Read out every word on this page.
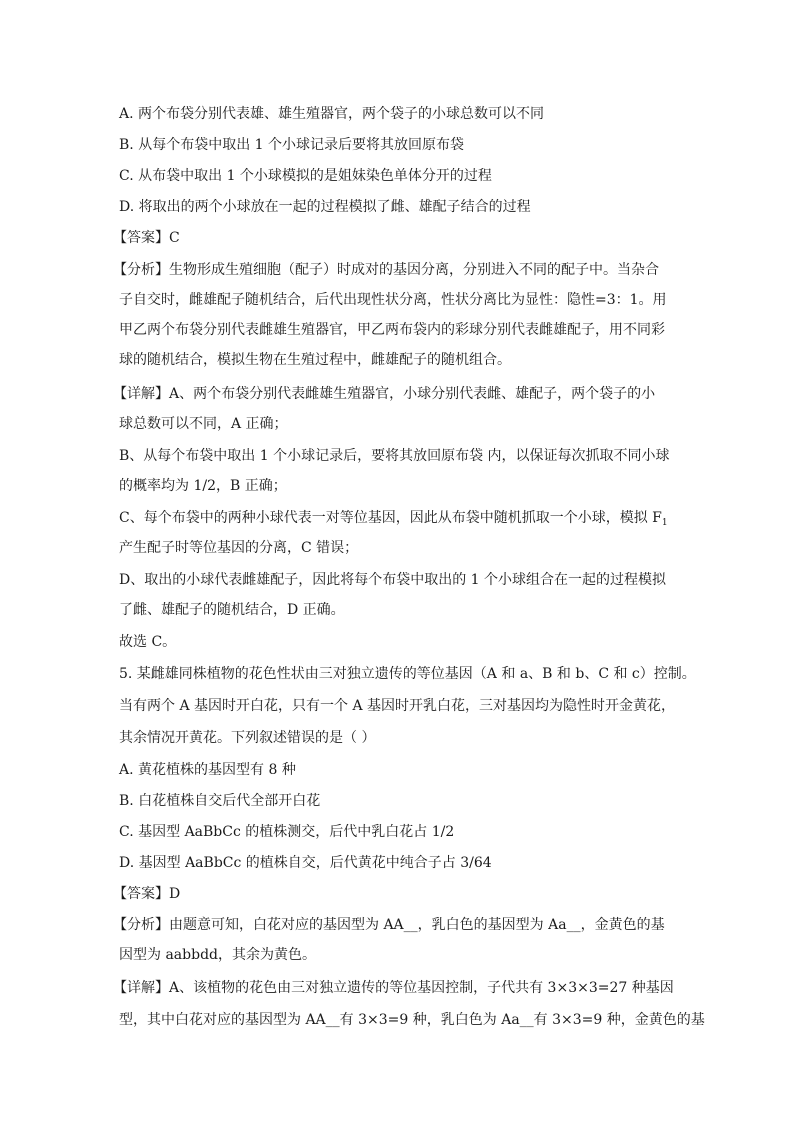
A. 两个布袋分别代表雄、雄生殖器官，两个袋子的小球总数可以不同
B. 从每个布袋中取出 1 个小球记录后要将其放回原布袋
C. 从布袋中取出 1 个小球模拟的是姐妹染色单体分开的过程
D. 将取出的两个小球放在一起的过程模拟了雌、雄配子结合的过程
【答案】C
【分析】生物形成生殖细胞（配子）时成对的基因分离，分别进入不同的配子中。当杂合
子自交时，雌雄配子随机结合，后代出现性状分离，性状分离比为显性：隐性=3：1。用
甲乙两个布袋分别代表雌雄生殖器官，甲乙两布袋内的彩球分别代表雌雄配子，用不同彩
球的随机结合，模拟生物在生殖过程中，雌雄配子的随机组合。
【详解】A、两个布袋分别代表雌雄生殖器官，小球分别代表雌、雄配子，两个袋子的小
球总数可以不同，A 正确；
B、从每个布袋中取出 1 个小球记录后，要将其放回原布袋 内，以保证每次抓取不同小球
的概率均为 1/2，B 正确；
C、每个布袋中的两种小球代表一对等位基因，因此从布袋中随机抓取一个小球，模拟 $F_1$
产生配子时等位基因的分离，C 错误；
D、取出的小球代表雌雄配子，因此将每个布袋中取出的 1 个小球组合在一起的过程模拟
了雌、雄配子的随机结合，D 正确。
故选 C。
5. 某雌雄同株植物的花色性状由三对独立遗传的等位基因（A 和 a、B 和 b、C 和 c）控制。
当有两个 A 基因时开白花，只有一个 A 基因时开乳白花，三对基因均为隐性时开金黄花，
其余情况开黄花。下列叙述错误的是（ ）
A. 黄花植株的基因型有 8 种
B. 白花植株自交后代全部开白花
C. 基因型 AaBbCc 的植株测交，后代中乳白花占 1/2
D. 基因型 AaBbCc 的植株自交，后代黄花中纯合子占 3/64
【答案】D
【分析】由题意可知，白花对应的基因型为 AA__，乳白色的基因型为 Aa__，金黄色的基
因型为 aabbdd，其余为黄色。
【详解】A、该植物的花色由三对独立遗传的等位基因控制，子代共有 3×3×3=27 种基因
型，其中白花对应的基因型为 AA__有 3×3=9 种，乳白色为 Aa__有 3×3=9 种，金黄色的基
